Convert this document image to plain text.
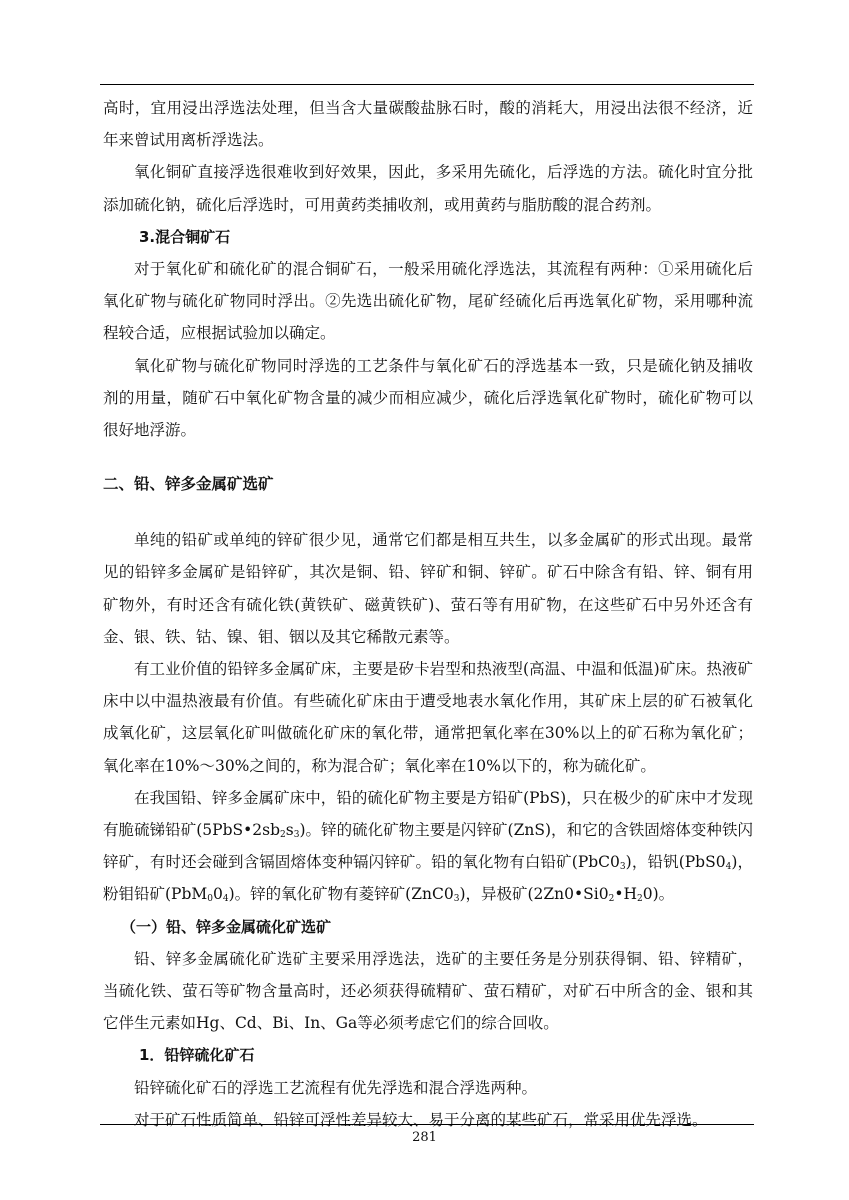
高时，宜用浸出浮选法处理，但当含大量碳酸盐脉石时，酸的消耗大，用浸出法很不经济，近年来曾试用离析浮选法。

氧化铜矿直接浮选很难收到好效果，因此，多采用先硫化，后浮选的方法。硫化时宜分批添加硫化钠，硫化后浮选时，可用黄药类捕收剂，或用黄药与脂肪酸的混合药剂。

3.混合铜矿石

对于氧化矿和硫化矿的混合铜矿石，一般采用硫化浮选法，其流程有两种：①采用硫化后氧化矿物与硫化矿物同时浮出。②先选出硫化矿物，尾矿经硫化后再选氧化矿物，采用哪种流程较合适，应根据试验加以确定。

氧化矿物与硫化矿物同时浮选的工艺条件与氧化矿石的浮选基本一致，只是硫化钠及捕收剂的用量，随矿石中氧化矿物含量的减少而相应减少，硫化后浮选氧化矿物时，硫化矿物可以很好地浮游。

二、铅、锌多金属矿选矿

单纯的铅矿或单纯的锌矿很少见，通常它们都是相互共生，以多金属矿的形式出现。最常见的铅锌多金属矿是铅锌矿，其次是铜、铅、锌矿和铜、锌矿。矿石中除含有铅、锌、铜有用矿物外，有时还含有硫化铁(黄铁矿、磁黄铁矿)、萤石等有用矿物，在这些矿石中另外还含有金、银、铁、钴、镍、钼、铟以及其它稀散元素等。

有工业价值的铅锌多金属矿床，主要是矽卡岩型和热液型(高温、中温和低温)矿床。热液矿床中以中温热液最有价值。有些硫化矿床由于遭受地表水氧化作用，其矿床上层的矿石被氧化成氧化矿，这层氧化矿叫做硫化矿床的氧化带，通常把氧化率在30%以上的矿石称为氧化矿；氧化率在10%～30%之间的，称为混合矿；氧化率在10%以下的，称为硫化矿。

在我国铅、锌多金属矿床中，铅的硫化矿物主要是方铅矿(PbS)，只在极少的矿床中才发现有脆硫锑铅矿$(5PbS•2sb_2s_3)$。锌的硫化矿物主要是闪锌矿(ZnS)，和它的含铁固熔体变种铁闪锌矿，有时还会碰到含镉固熔体变种镉闪锌矿。铅的氧化物有白铅矿$(PbC0_3)$，铅钒$(PbS0_4)$，粉钼铅矿$(PbM_00_4)$。锌的氧化矿物有菱锌矿$(ZnC0_3)$，异极矿$(2Zn0•Si0_2•H_20)$。

（一）铅、锌多金属硫化矿选矿

铅、锌多金属硫化矿选矿主要采用浮选法，选矿的主要任务是分别获得铜、铅、锌精矿，当硫化铁、萤石等矿物含量高时，还必须获得硫精矿、萤石精矿，对矿石中所含的金、银和其它伴生元素如Hg、Cd、Bi、In、Ga等必须考虑它们的综合回收。

1．铅锌硫化矿石

铅锌硫化矿石的浮选工艺流程有优先浮选和混合浮选两种。

对于矿石性质简单、铅锌可浮性差异较大、易于分离的某些矿石，常采用优先浮选。

281
